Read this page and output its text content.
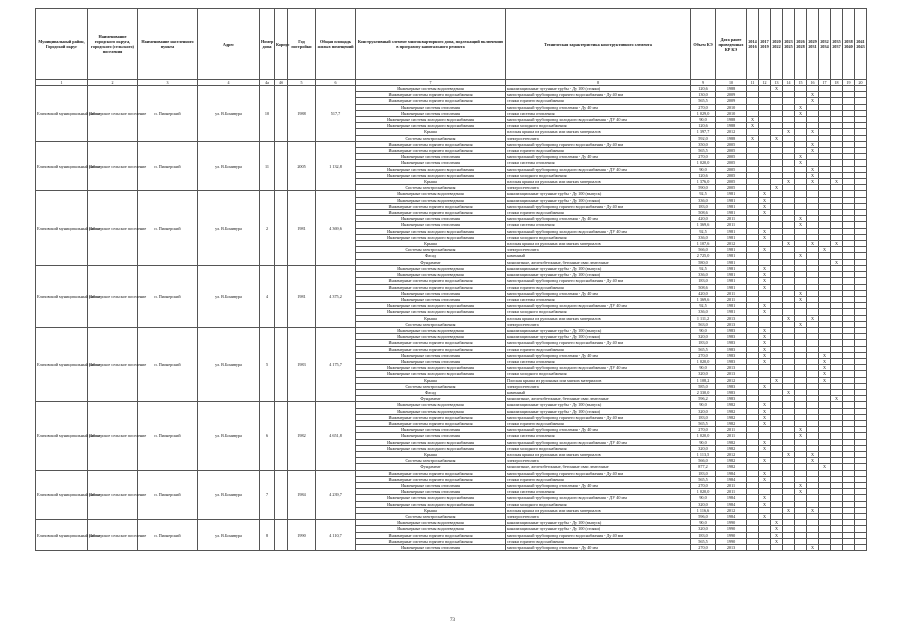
Муниципальный район, Городской округ	Наименование городского округа, городского (сельского) поселения	Наименование населенного пункта	Адрес	Номер дома	Корпус	Год постройки	Общая площадь жилых помещений	Конструктивный элемент многоквартирного дома, подлежащий включению в программу капитального ремонта	Техническая характеристика конструктивного элемента	Объем КЭ	Дата ранее проведенных КР КЭ	2014 2016	2017 2019	2020 2022	2023 2025	2026 2028	2029 2031	2032 2034	2035 2037	2038 2040	2041 2043
1	2	3	4	4a	4б	5	6	7	8	9	10	11	12	13	14	15	16	17	18	19	20
Елизовский муниципальный район	Пионерское сельское поселение	п. Пионерский	ул. В.Бонивура	10		1988	517,7	Инженерные системы водоотведения	канализационные чугунные трубы - Дy 100 (стояки)	120,6	1988			X							
								Инженерные системы горячего водоснабжения	магистральный трубопровод горячего водоснабжения - Дy 40 мм	130,0	2009						X				
								Инженерные системы горячего водоснабжения	стояки горячего водоснабжения	565,5	2009						X				
								Инженерные системы отопления	магистральный трубопровод отопления - Дy 40 мм	270,0	2010					X					
								Инженерные системы отопления	стояки системы отопления	1 029,0	2010					X					
								Инженерные системы холодного водоснабжения	магистральный трубопровод холодного водоснабжения - ДУ 40 мм	90,0	1988	X									
								Инженерные системы холодного водоснабжения	стояки холодного водоснабжения	120,6	1988	X									
								Крыша	плоская крыша из рулонных или мягких материалов	1 397,7	2012				X		X				
								Системы электроснабжения	электросетеплита	592,0	1988	X		X							
Елизовский муниципальный район	Пионерское сельское поселение	п. Пионерский	ул. В.Бонивура	11		2005	1 132,8	Инженерные системы горячего водоснабжения	магистральный трубопровод горячего водоснабжения - Дy 40 мм	350,0	2005						X				
								Инженерные системы горячего водоснабжения	стояки горячего водоснабжения	565,5	2005						X				
								Инженерные системы отопления	магистральный трубопровод отопления - Дy 40 мм	270,0	2005					X					
								Инженерные системы отопления	стояки системы отопления	1 020,0	2005					X					
								Инженерные системы холодного водоснабжения	магистральный трубопровод холодного водоснабжения - ДУ 40 мм	90,0	2005						X				
								Инженерные системы холодного водоснабжения	стояки холодного водоснабжения	120,6	2005						X				
								Крыша	плоская крыша из рулонных или мягких материалов	1 376,0	2005				X		X		X		
								Системы электроснабжения	электросетеплита	590,0	2005			X							
Елизовский муниципальный район	Пионерское сельское поселение	п. Пионерский	ул. В.Бонивура	2		1981	4 369,6	Инженерные системы водоотведения	канализационные чугунные трубы - Дy 100 (выпуск)	92,5	1981		X								
								Инженерные системы водоотведения	канализационные чугунные трубы - Дy 100 (стояки)	336,0	1981		X								
								Инженерные системы горячего водоснабжения	магистральный трубопровод горячего водоснабжения - Дy 40 мм	183,0	1981		X								
								Инженерные системы горячего водоснабжения	стояки горячего водоснабжения	508,6	1981		X								
								Инженерные системы отопления	магистральный трубопровод отопления - Дy 40 мм	420,0	2011					X					
								Инженерные системы отопления	стояки системы отопления	1 369,6	2011					X					
								Инженерные системы холодного водоснабжения	магистральный трубопровод холодного водоснабжения - ДУ 40 мм	92,5	1981		X								
								Инженерные системы холодного водоснабжения	стояки холодного водоснабжения	336,0	1981		X								
								Крыша	плоская крыша из рулонных или мягких материалов	1 107,6	2012				X		X		X		
								Системы электроснабжения	электросетеплита	566,0	1981		X					X			
								Фасад	каменный	2 725,0	1981					X					
								Фундамент	монолитные, железобетонные, бетонные сваи ленточные	580,0	1981								X		
Елизовский муниципальный район	Пионерское сельское поселение	п. Пионерский	ул. В.Бонивура	4		1981	4 375,2	Инженерные системы водоотведения	канализационные чугунные трубы - Дy 100 (выпуск)	92,5	1981		X								
								Инженерные системы водоотведения	канализационные чугунные трубы - Дy 100 (стояки)	336,0	1981		X								
								Инженерные системы горячего водоснабжения	магистральный трубопровод горячего водоснабжения - Дy 40 мм	183,0	1981		X								
								Инженерные системы горячего водоснабжения	стояки горячего водоснабжения	508,6	1981		X								
								Инженерные системы отопления	магистральный трубопровод отопления - Дy 40 мм	420,0	2011					X					
								Инженерные системы отопления	стояки системы отопления	1 369,6	2011					X					
								Инженерные системы холодного водоснабжения	магистральный трубопровод холодного водоснабжения - ДУ 40 мм	92,5	1981		X								
								Инженерные системы холодного водоснабжения	стояки холодного водоснабжения	336,0	1981		X								
								Крыша	плоская крыша из рулонных или мягких материалов	1 111,2	2013				X		X				
								Системы электроснабжения	электросетеплита	563,0	2013					X					
Елизовский муниципальный район	Пионерское сельское поселение	п. Пионерский	ул. В.Бонивура	5		1983	4 175,7	Инженерные системы водоотведения	канализационные чугунные трубы - Дy 100 (выпуск)	90,0	1983		X								
								Инженерные системы водоотведения	канализационные чугунные трубы - Дy 100 (стояки)	320,0	1983		X								
								Инженерные системы горячего водоснабжения	магистральный трубопровод горячего водоснабжения - Дy 40 мм	183,0	1983		X								
								Инженерные системы горячего водоснабжения	стояки горячего водоснабжения	565,5	1983		X								
								Инженерные системы отопления	магистральный трубопровод отопления - Дy 40 мм	270,0	1983		X					X			
								Инженерные системы отопления	стояки системы отопления	1 020,0	1983		X					X			
								Инженерные системы холодного водоснабжения	магистральный трубопровод холодного водоснабжения - ДУ 40 мм	90,0	2013							X			
								Инженерные системы холодного водоснабжения	стояки холодного водоснабжения	320,0	2013							X			
								Крыша	Плоская крыша из рулонных или мягких материалов	1 108,2	2012			X				X			
								Системы электроснабжения	электросетеплита	585,0	1983		X								
								Фасад	каменный	2 330,0	1983				X						
								Фундамент	монолитные, железобетонные, бетонные сваи ленточные	596,2	1983								X		
Елизовский муниципальный район	Пионерское сельское поселение	п. Пионерский	ул. В.Бонивура	6		1982	4 651,8	Инженерные системы водоотведения	канализационные чугунные трубы - Дy 100 (выпуск)	90,0	1982		X								
								Инженерные системы водоотведения	канализационные чугунные трубы - Дy 100 (стояки)	320,0	1982		X								
								Инженерные системы горячего водоснабжения	магистральный трубопровод горячего водоснабжения - Дy 40 мм	183,0	1982		X								
								Инженерные системы горячего водоснабжения	стояки горячего водоснабжения	565,5	1982		X								
								Инженерные системы отопления	магистральный трубопровод отопления - Дy 40 мм	270,0	2011					X					
								Инженерные системы отопления	стояки системы отопления	1 020,0	2011					X					
								Инженерные системы холодного водоснабжения	магистральный трубопровод холодного водоснабжения - ДУ 40 мм	90,0	1982		X								
								Инженерные системы холодного водоснабжения	стояки холодного водоснабжения	320,0	1982		X								
								Крыша	плоская крыша из рулонных или мягких материалов	1 113,5	2012				X		X				
								Системы электроснабжения	электросетеплита	566,0	1982		X				X				
								Фундамент	монолитные, железобетонные, бетонные сваи ленточные	877,2	1982							X			
Елизовский муниципальный район	Пионерское сельское поселение	п. Пионерский	ул. В.Бонивура	7		1984	4 239,7	Инженерные системы горячего водоснабжения	магистральный трубопровод горячего водоснабжения - Дy 40 мм	183,0	1984		X								
								Инженерные системы горячего водоснабжения	стояки горячего водоснабжения	565,5	1984		X								
								Инженерные системы отопления	магистральный трубопровод отопления - Дy 40 мм	270,0	2011					X					
								Инженерные системы отопления	стояки системы отопления	1 020,0	2011					X					
								Инженерные системы холодного водоснабжения	магистральный трубопровод холодного водоснабжения - ДУ 40 мм	90,0	1984		X								
								Инженерные системы холодного водоснабжения	стояки холодного водоснабжения	320,0	1984		X								
								Крыша	плоская крыша из рулонных или мягких материалов	1 116,6	2012				X		X				
								Системы электроснабжения	электросетеплита	596,0	1984		X								
Елизовский муниципальный район	Пионерское сельское поселение	п. Пионерский	ул. В.Бонивура	8		1990	4 110,7	Инженерные системы водоотведения	канализационные чугунные трубы - Дy 100 (выпуск)	90,0	1990			X							
								Инженерные системы водоотведения	канализационные чугунные трубы - Дy 100 (стояки)	320,0	1990			X							
								Инженерные системы горячего водоснабжения	магистральный трубопровод горячего водоснабжения - Дy 40 мм	183,0	1990			X							
								Инженерные системы горячего водоснабжения	стояки горячего водоснабжения	565,5	1990			X							
								Инженерные системы отопления	магистральный трубопровод отопления - Дy 40 мм	270,0	2013						X				
73
